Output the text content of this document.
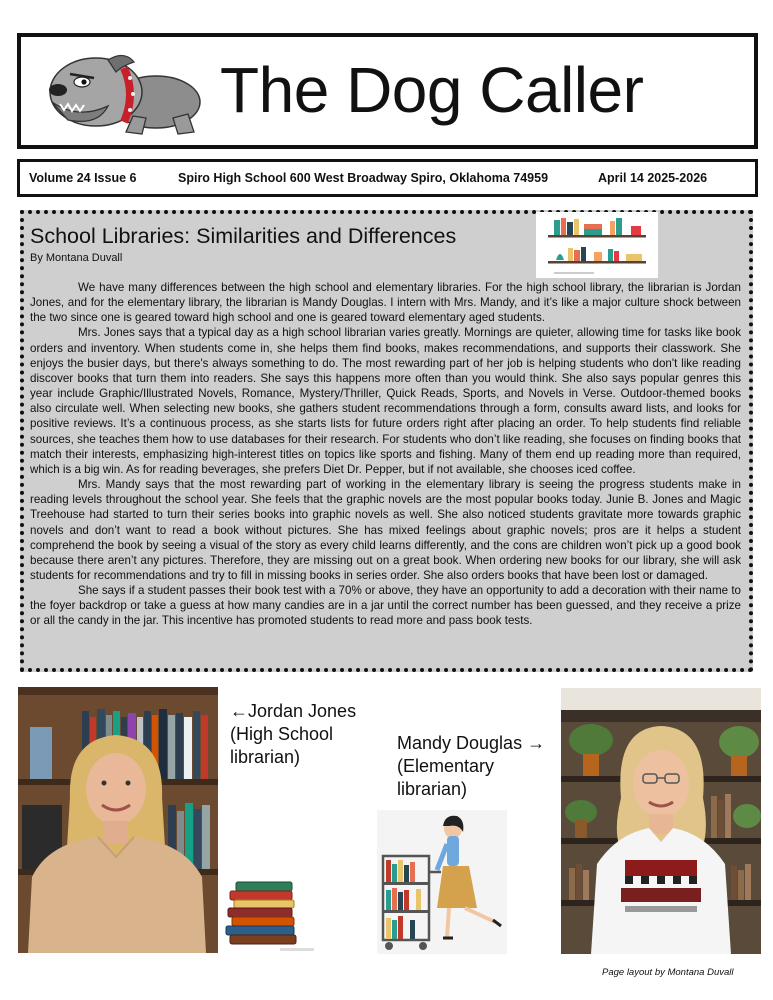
The Dog Caller
Volume 24 Issue 6	Spiro High School 600 West Broadway Spiro, Oklahoma 74959	April 14 2025-2026
School Libraries: Similarities and Differences
By Montana Duvall

We have many differences between the high school and elementary libraries. For the high school library, the librarian is Jordan Jones, and for the elementary library, the librarian is Mandy Douglas. I intern with Mrs. Mandy, and it’s like a major culture shock between the two since one is geared toward high school and one is geared toward elementary aged students.

Mrs. Jones says that a typical day as a high school librarian varies greatly. Mornings are quieter, allowing time for tasks like book orders and inventory. When students come in, she helps them find books, makes recommendations, and supports their classwork. She enjoys the busier days, but there's always something to do. The most rewarding part of her job is helping students who don't like reading discover books that turn them into readers. She says this happens more often than you would think. She also says popular genres this year include Graphic/Illustrated Novels, Romance, Mystery/Thriller, Quick Reads, Sports, and Novels in Verse. Outdoor-themed books also circulate well. When selecting new books, she gathers student recommendations through a form, consults award lists, and looks for positive reviews. It’s a continuous process, as she starts lists for future orders right after placing an order. To help students find reliable sources, she teaches them how to use databases for their research. For students who don’t like reading, she focuses on finding books that match their interests, emphasizing high-interest titles on topics like sports and fishing. Many of them end up reading more than required, which is a big win. As for reading beverages, she prefers Diet Dr. Pepper, but if not available, she chooses iced coffee.

Mrs. Mandy says that the most rewarding part of working in the elementary library is seeing the progress students make in reading levels throughout the school year. She feels that the graphic novels are the most popular books today. Junie B. Jones and Magic Treehouse had started to turn their series books into graphic novels as well. She also noticed students gravitate more towards graphic novels and don’t want to read a book without pictures. She has mixed feelings about graphic novels; pros are it helps a student comprehend the book by seeing a visual of the story as every child learns differently, and the cons are children won’t pick up a good book because there aren’t any pictures. Therefore, they are missing out on a great book. When ordering new books for our library, she will ask students for recommendations and try to fill in missing books in series order. She also orders books that have been lost or damaged.

She says if a student passes their book test with a 70% or above, they have an opportunity to add a decoration with their name to the foyer backdrop or take a guess at how many candies are in a jar until the correct number has been guessed, and they receive a prize or all the candy in the jar. This incentive has promoted students to read more and pass book tests.

←Jordan Jones
(High School
librarian)
Mandy Douglas →
(Elementary
librarian)
Page layout by Montana Duvall
